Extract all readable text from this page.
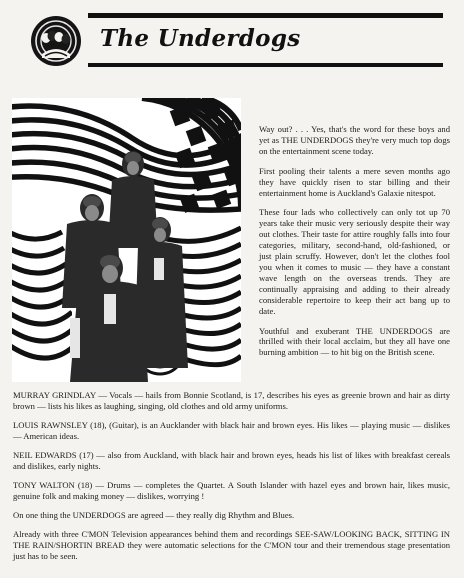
The Underdogs

Way out? . . . Yes, that's the word for these boys and yet as THE UNDERDOGS they're very much top dogs on the entertainment scene today.

First pooling their talents a mere seven months ago they have quickly risen to star billing and their entertainment home is Auckland's Galaxie nitespot.

These four lads who collectively can only tot up 70 years take their music very seriously despite their way out clothes. Their taste for attire roughly falls into four categories, military, second-hand, old-fashioned, or just plain scruffy. However, don't let the clothes fool you when it comes to music — they have a constant wave length on the overseas trends. They are continually appraising and adding to their already considerable repertoire to keep their act bang up to date.

Youthful and exuberant THE UNDERDOGS are thrilled with their local acclaim, but they all have one burning ambition — to hit big on the British scene.

MURRAY GRINDLAY — Vocals — hails from Bonnie Scotland, is 17, describes his eyes as greenie brown and hair as dirty brown — lists his likes as laughing, singing, old clothes and old army uniforms.

LOUIS RAWNSLEY (18), (Guitar), is an Aucklander with black hair and brown eyes. His likes — playing music — dislikes — American ideas.

NEIL EDWARDS (17) — also from Auckland, with black hair and brown eyes, heads his list of likes with breakfast cereals and dislikes, early nights.

TONY WALTON (18) — Drums — completes the Quartet. A South Islander with hazel eyes and brown hair, likes music, genuine folk and making money — dislikes, worrying !

On one thing the UNDERDOGS are agreed — they really dig Rhythm and Blues.

Already with three C'MON Television appearances behind them and recordings SEE-SAW/LOOKING BACK, SITTING IN THE RAIN/SHORTIN BREAD they were automatic selections for the C'MON tour and their tremendous stage presentation just has to be seen.
